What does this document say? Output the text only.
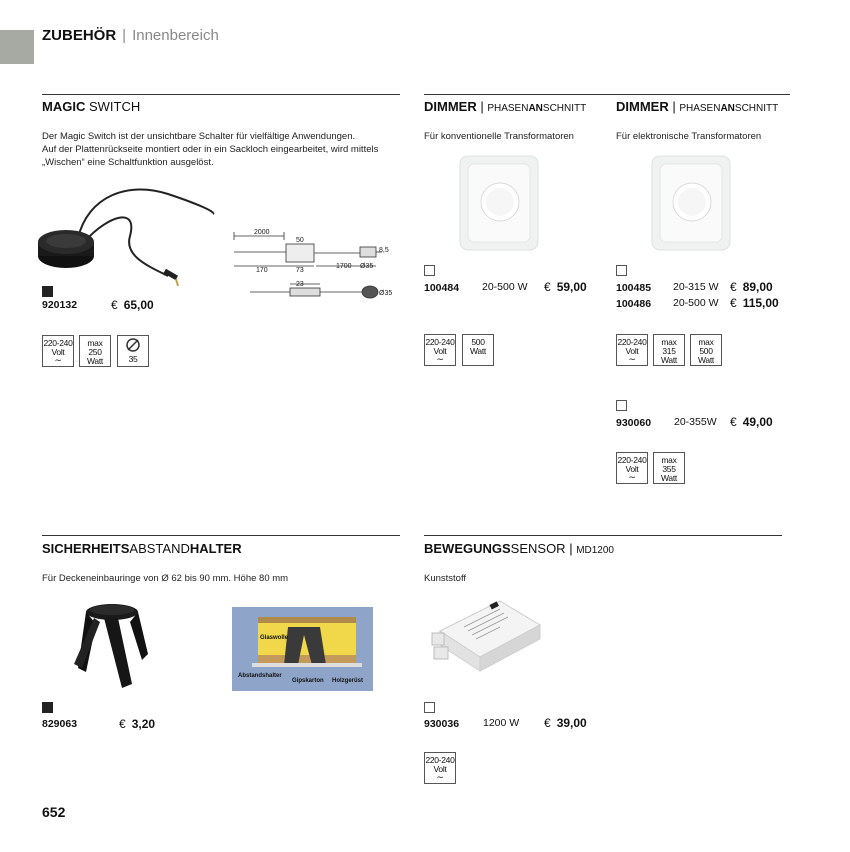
ZUBEHÖR | Innenbereich
MAGIC SWITCH
Der Magic Switch ist der unsichtbare Schalter für vielfältige Anwendungen.
Auf der Plattenrückseite montiert oder in ein Sackloch eingearbeitet, wird mittels
„Wischen“ eine Schaltfunktion ausgelöst.
2000
50
8,5
170	73
1700 Ø35
23
Ø35
920132	€ 65,00
220-240
Volt
∼
max 250
Watt	35
DIMMER | PHASENANSCHNITT
Für konventionelle Transformatoren
100484 20-500 W € 59,00
220-240
Volt
∼
500
Watt
DIMMER | PHASENANSCHNITT
Für elektronische Transformatoren
100485 20-315 W € 89,00
100486 20-500 W € 115,00
220-240
Volt
∼
max 315
Watt
max 500
Watt
930060 20-355W € 49,00
220-240
Volt
∼
max 355
Watt
SICHERHEITSABSTANDHALTER
Für Deckeneinbauringe von Ø 62 bis 90 mm. Höhe 80 mm
Glaswolle
Abstandshalter
Gipskarton Holzgerüst
829063	€ 3,20
BEWEGUNGSSENSOR | MD1200
Kunststoff
930036 1200 W € 39,00
220-240
Volt
∼
652
